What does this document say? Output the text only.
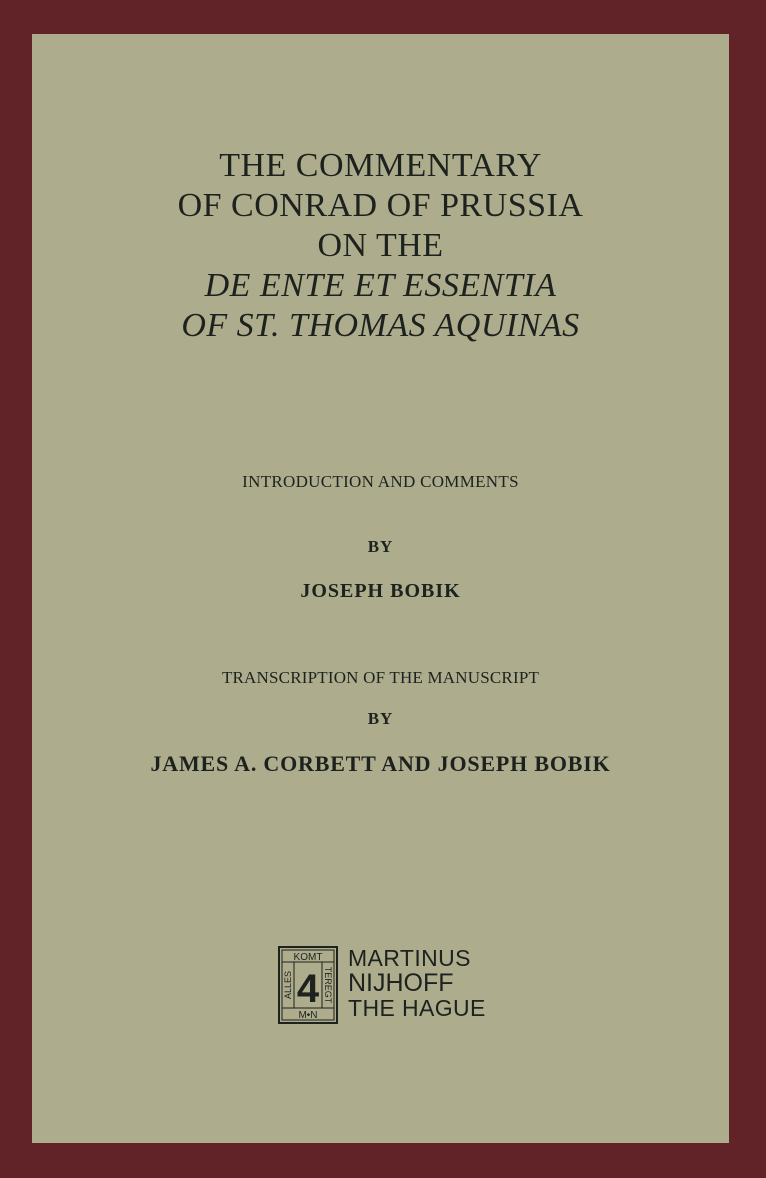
THE COMMENTARY
OF CONRAD OF PRUSSIA
ON THE
DE ENTE ET ESSENTIA
OF ST. THOMAS AQUINAS
INTRODUCTION AND COMMENTS
BY
JOSEPH BOBIK
TRANSCRIPTION OF THE MANUSCRIPT
BY
JAMES A. CORBETT AND JOSEPH BOBIK
KOMT
M•N
ALLES	TEREGT
4
MARTINUS
NIJHOFF
THE HAGUE
